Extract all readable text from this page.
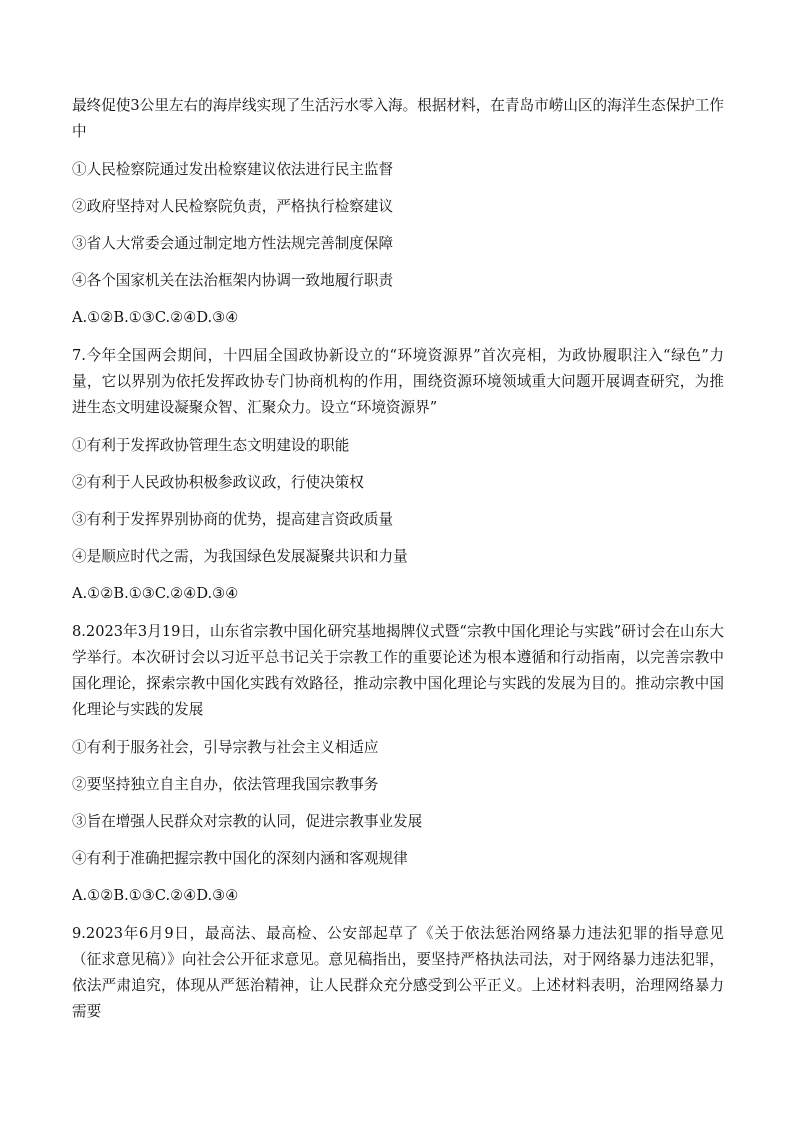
最终促使3公里左右的海岸线实现了生活污水零入海。根据材料，在青岛市崂山区的海洋生态保护工作中

①人民检察院通过发出检察建议依法进行民主监督

②政府坚持对人民检察院负责，严格执行检察建议

③省人大常委会通过制定地方性法规完善制度保障

④各个国家机关在法治框架内协调一致地履行职责

A.①②B.①③C.②④D.③④

7.今年全国两会期间，十四届全国政协新设立的“环境资源界”首次亮相，为政协履职注入“绿色”力量，它以界别为依托发挥政协专门协商机构的作用，围绕资源环境领域重大问题开展调查研究，为推进生态文明建设凝聚众智、汇聚众力。设立“环境资源界”

①有利于发挥政协管理生态文明建设的职能

②有利于人民政协积极参政议政，行使决策权

③有利于发挥界别协商的优势，提高建言资政质量

④是顺应时代之需，为我国绿色发展凝聚共识和力量

A.①②B.①③C.②④D.③④

8.2023年3月19日，山东省宗教中国化研究基地揭牌仪式暨“宗教中国化理论与实践”研讨会在山东大学举行。本次研讨会以习近平总书记关于宗教工作的重要论述为根本遵循和行动指南，以完善宗教中国化理论，探索宗教中国化实践有效路径，推动宗教中国化理论与实践的发展为目的。推动宗教中国化理论与实践的发展

①有利于服务社会，引导宗教与社会主义相适应

②要坚持独立自主自办，依法管理我国宗教事务

③旨在增强人民群众对宗教的认同，促进宗教事业发展

④有利于准确把握宗教中国化的深刻内涵和客观规律

A.①②B.①③C.②④D.③④

9.2023年6月9日，最高法、最高检、公安部起草了《关于依法惩治网络暴力违法犯罪的指导意见（征求意见稿）》向社会公开征求意见。意见稿指出，要坚持严格执法司法，对于网络暴力违法犯罪，依法严肃追究，体现从严惩治精神，让人民群众充分感受到公平正义。上述材料表明，治理网络暴力需要
